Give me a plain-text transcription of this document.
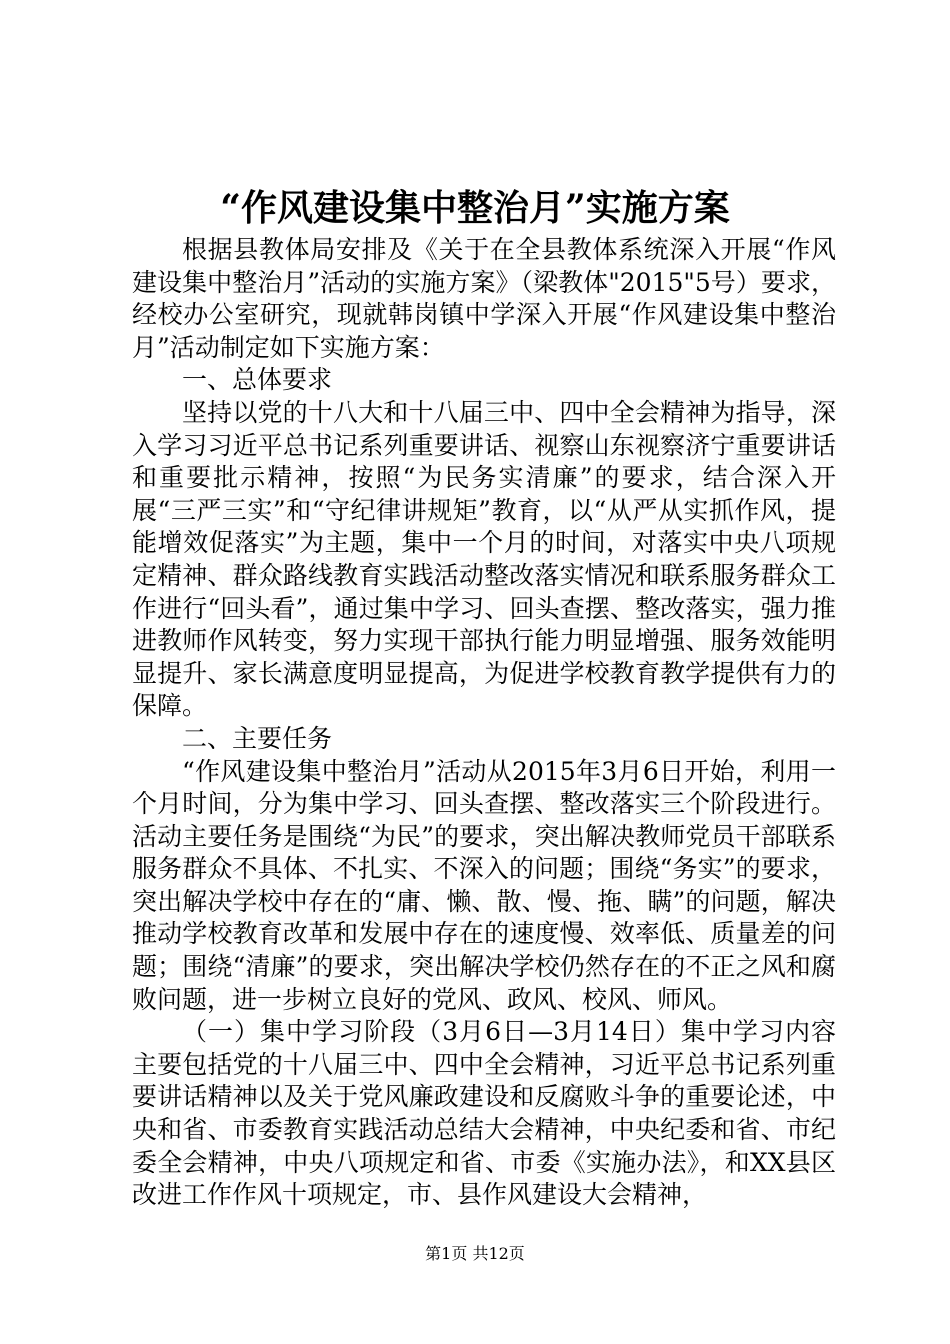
“作风建设集中整治月”实施方案

根据县教体局安排及《关于在全县教体系统深入开展“作风建设集中整治月”活动的实施方案》（梁教体"2015"5号）要求，经校办公室研究，现就韩岗镇中学深入开展“作风建设集中整治月”活动制定如下实施方案：

一、总体要求

坚持以党的十八大和十八届三中、四中全会精神为指导，深入学习习近平总书记系列重要讲话、视察山东视察济宁重要讲话和重要批示精神，按照“为民务实清廉”的要求，结合深入开展“三严三实”和“守纪律讲规矩”教育，以“从严从实抓作风，提能增效促落实”为主题，集中一个月的时间，对落实中央八项规定精神、群众路线教育实践活动整改落实情况和联系服务群众工作进行“回头看”，通过集中学习、回头查摆、整改落实，强力推进教师作风转变，努力实现干部执行能力明显增强、服务效能明显提升、家长满意度明显提高，为促进学校教育教学提供有力的保障。

二、主要任务

“作风建设集中整治月”活动从2015年3月6日开始，利用一个月时间，分为集中学习、回头查摆、整改落实三个阶段进行。活动主要任务是围绕“为民”的要求，突出解决教师党员干部联系服务群众不具体、不扎实、不深入的问题；围绕“务实”的要求，突出解决学校中存在的“庸、懒、散、慢、拖、瞒”的问题，解决推动学校教育改革和发展中存在的速度慢、效率低、质量差的问题；围绕“清廉”的要求，突出解决学校仍然存在的不正之风和腐败问题，进一步树立良好的党风、政风、校风、师风。

（一）集中学习阶段（3月6日—3月14日）集中学习内容主要包括党的十八届三中、四中全会精神，习近平总书记系列重要讲话精神以及关于党风廉政建设和反腐败斗争的重要论述，中央和省、市委教育实践活动总结大会精神，中央纪委和省、市纪委全会精神，中央八项规定和省、市委《实施办法》，和XX县区改进工作作风十项规定，市、县作风建设大会精神，

第1页 共12页
